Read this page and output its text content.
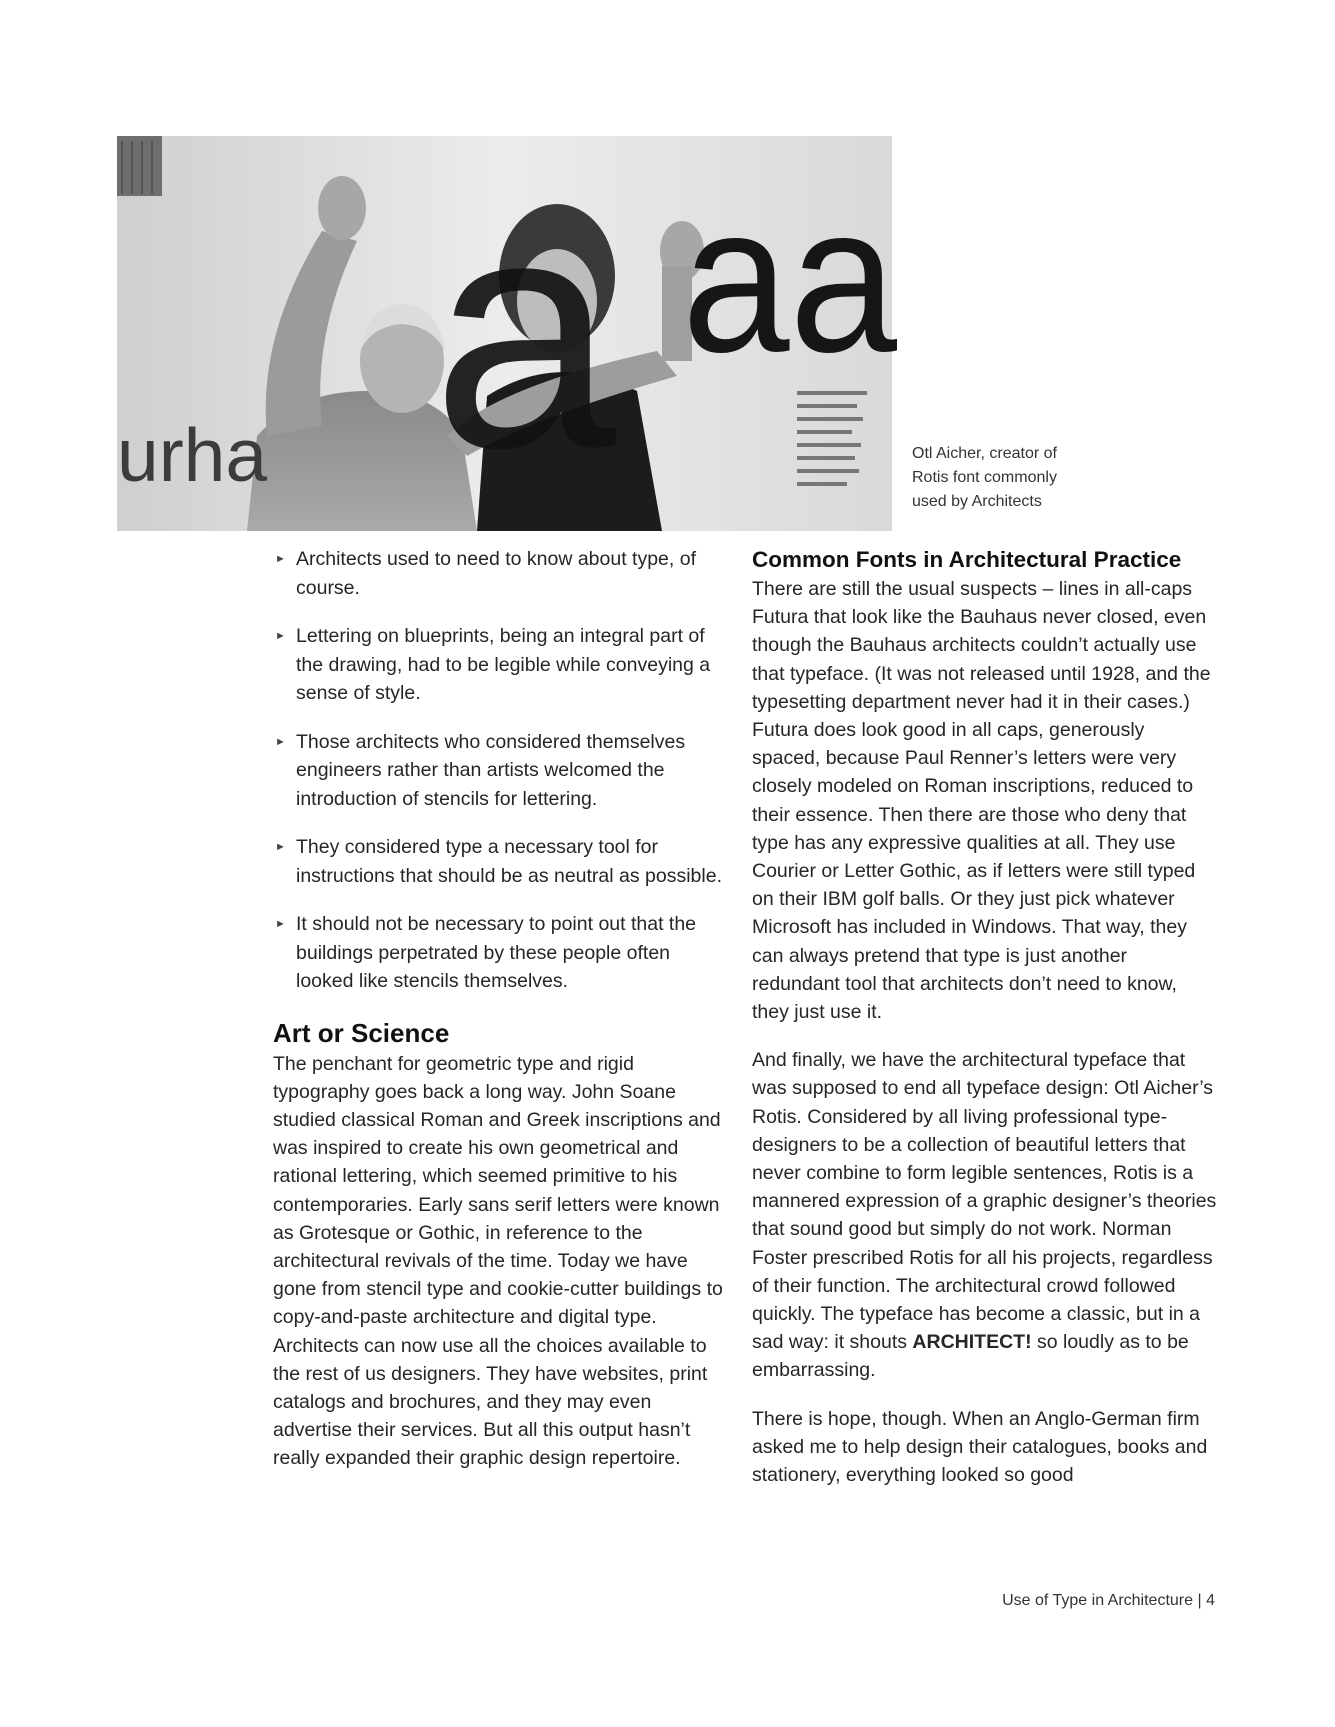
a aa
urha	Otl Aicher, creator of Rotis font commonly used by Architects
► Architects used to need to know about type, of course.
► Lettering on blueprints, being an integral part of the drawing, had to be legible while conveying a sense of style.
► Those architects who considered themselves engineers rather than artists welcomed the introduction of stencils for lettering.
► They considered type a necessary tool for instructions that should be as neutral as possible.
► It should not be necessary to point out that the buildings perpetrated by these people often looked like stencils themselves.
Art or Science

The penchant for geometric type and rigid typography goes back a long way. John Soane studied classical Roman and Greek inscriptions and was inspired to create his own geometrical and rational lettering, which seemed primitive to his contemporaries. Early sans serif letters were known as Grotesque or Gothic, in reference to the architectural revivals of the time. Today we have gone from stencil type and cookie-cutter buildings to copy-and-paste architecture and digital type. Architects can now use all the choices available to the rest of us designers. They have websites, print catalogs and brochures, and they may even advertise their services. But all this output hasn’t really expanded their graphic design repertoire.

Common Fonts in Architectural Practice

There are still the usual suspects – lines in all-caps Futura that look like the Bauhaus never closed, even though the Bauhaus architects couldn’t actually use that typeface. (It was not released until 1928, and the typesetting department never had it in their cases.) Futura does look good in all caps, generously spaced, because Paul Renner’s letters were very closely modeled on Roman inscriptions, reduced to their essence. Then there are those who deny that type has any expressive qualities at all. They use Courier or Letter Gothic, as if letters were still typed on their IBM golf balls. Or they just pick whatever Microsoft has included in Windows. That way, they can always pretend that type is just another redundant tool that architects don’t need to know, they just use it.

And finally, we have the architectural typeface that was supposed to end all typeface design: Otl Aicher’s Rotis. Considered by all living professional type-designers to be a collection of beautiful letters that never combine to form legible sentences, Rotis is a mannered expression of a graphic designer’s theories that sound good but simply do not work. Norman Foster prescribed Rotis for all his projects, regardless of their function. The architectural crowd followed quickly. The typeface has become a classic, but in a sad way: it shouts ARCHITECT! so loudly as to be embarrassing.

There is hope, though. When an Anglo-German firm asked me to help design their catalogues, books and stationery, everything looked so good

Use of Type in Architecture | 4
